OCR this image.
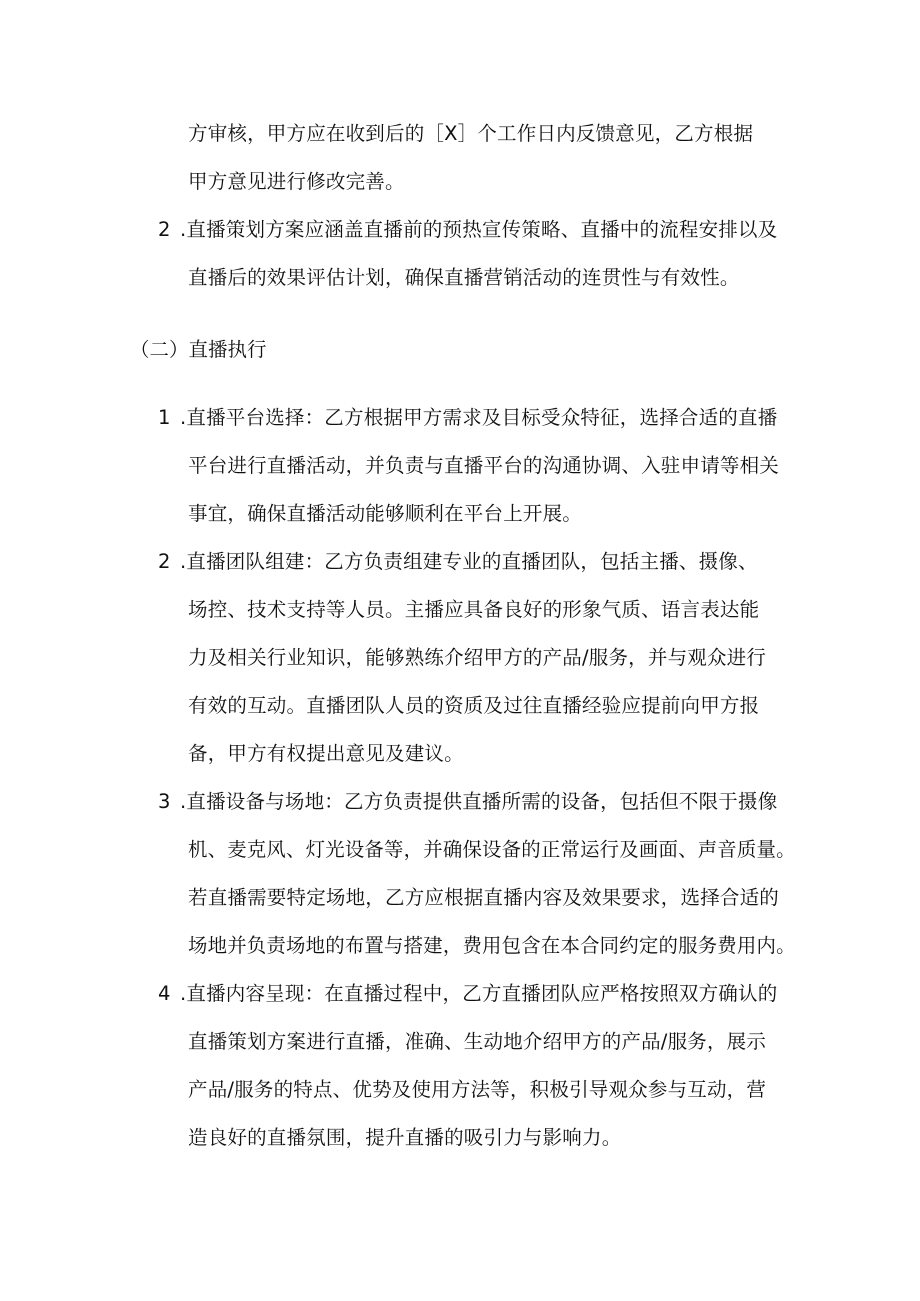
方审核，甲方应在收到后的［X］个工作日内反馈意见，乙方根据
甲方意见进行修改完善。
2 .直播策划方案应涵盖直播前的预热宣传策略、直播中的流程安排以及
直播后的效果评估计划，确保直播营销活动的连贯性与有效性。
（二）直播执行
1 .直播平台选择：乙方根据甲方需求及目标受众特征，选择合适的直播
平台进行直播活动，并负责与直播平台的沟通协调、入驻申请等相关
事宜，确保直播活动能够顺利在平台上开展。
2 .直播团队组建：乙方负责组建专业的直播团队，包括主播、摄像、
场控、技术支持等人员。主播应具备良好的形象气质、语言表达能
力及相关行业知识，能够熟练介绍甲方的产品/服务，并与观众进行
有效的互动。直播团队人员的资质及过往直播经验应提前向甲方报
备，甲方有权提出意见及建议。
3 .直播设备与场地：乙方负责提供直播所需的设备，包括但不限于摄像
机、麦克风、灯光设备等，并确保设备的正常运行及画面、声音质量。
若直播需要特定场地，乙方应根据直播内容及效果要求，选择合适的
场地并负责场地的布置与搭建，费用包含在本合同约定的服务费用内。
4 .直播内容呈现：在直播过程中，乙方直播团队应严格按照双方确认的
直播策划方案进行直播，准确、生动地介绍甲方的产品/服务，展示
产品/服务的特点、优势及使用方法等，积极引导观众参与互动，营
造良好的直播氛围，提升直播的吸引力与影响力。
